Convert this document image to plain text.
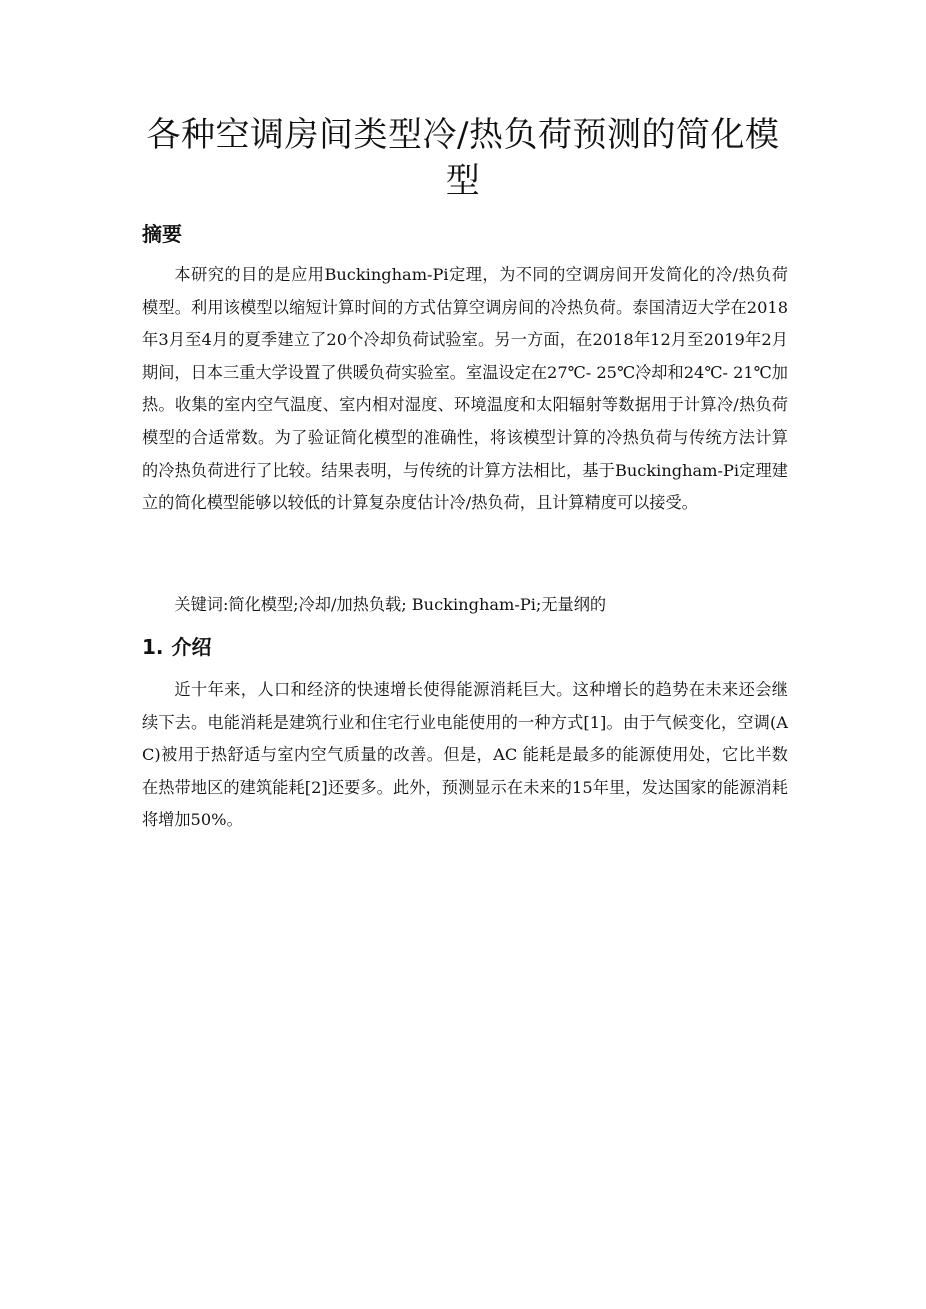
各种空调房间类型冷/热负荷预测的简化模型
摘要

本研究的目的是应用Buckingham-Pi定理，为不同的空调房间开发简化的冷/热负荷模型。利用该模型以缩短计算时间的方式估算空调房间的冷热负荷。泰国清迈大学在2018年3月至4月的夏季建立了20个冷却负荷试验室。另一方面，在2018年12月至2019年2月期间，日本三重大学设置了供暖负荷实验室。室温设定在27℃- 25℃冷却和24℃- 21℃加热。收集的室内空气温度、室内相对湿度、环境温度和太阳辐射等数据用于计算冷/热负荷模型的合适常数。为了验证简化模型的准确性，将该模型计算的冷热负荷与传统方法计算的冷热负荷进行了比较。结果表明，与传统的计算方法相比，基于Buckingham-Pi定理建立的简化模型能够以较低的计算复杂度估计冷/热负荷，且计算精度可以接受。

关键词:简化模型;冷却/加热负载; Buckingham-Pi;无量纲的

1. 介绍

近十年来，人口和经济的快速增长使得能源消耗巨大。这种增长的趋势在未来还会继续下去。电能消耗是建筑行业和住宅行业电能使用的一种方式[1]。由于气候变化，空调(AC)被用于热舒适与室内空气质量的改善。但是，AC 能耗是最多的能源使用处，它比半数在热带地区的建筑能耗[2]还要多。此外，预测显示在未来的15年里，发达国家的能源消耗将增加50%。
